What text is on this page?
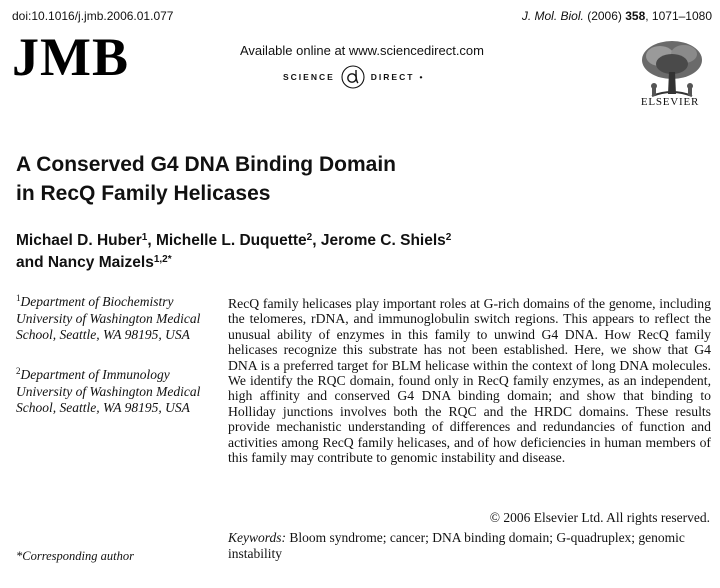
doi:10.1016/j.jmb.2006.01.077	J. Mol. Biol. (2006) 358, 1071–1080
JMB	Available online at www.sciencedirect.com
SCIENCE	DIRECT •
ELSEVIER
A Conserved G4 DNA Binding Domain
in RecQ Family Helicases
Michael D. Huber$^1$, Michelle L. Duquette$^2$, Jerome C. Shiels$^2$
and Nancy Maizels$^{1,2*}$
$^1$Department of Biochemistry University of Washington Medical School, Seattle, WA 98195, USA
$^2$Department of Immunology University of Washington Medical School, Seattle, WA 98195, USA
*Corresponding author
RecQ family helicases play important roles at G-rich domains of the genome, including the telomeres, rDNA, and immunoglobulin switch regions. This appears to reflect the unusual ability of enzymes in this family to unwind G4 DNA. How RecQ family helicases recognize this substrate has not been established. Here, we show that G4 DNA is a preferred target for BLM helicase within the context of long DNA molecules. We identify the RQC domain, found only in RecQ family enzymes, as an independent, high affinity and conserved G4 DNA binding domain; and show that binding to Holliday junctions involves both the RQC and the HRDC domains. These results provide mechanistic understanding of differences and redundancies of function and activities among RecQ family helicases, and of how deficiencies in human members of this family may contribute to genomic instability and disease.
© 2006 Elsevier Ltd. All rights reserved.
Keywords: Bloom syndrome; cancer; DNA binding domain; G-quadruplex; genomic instability
